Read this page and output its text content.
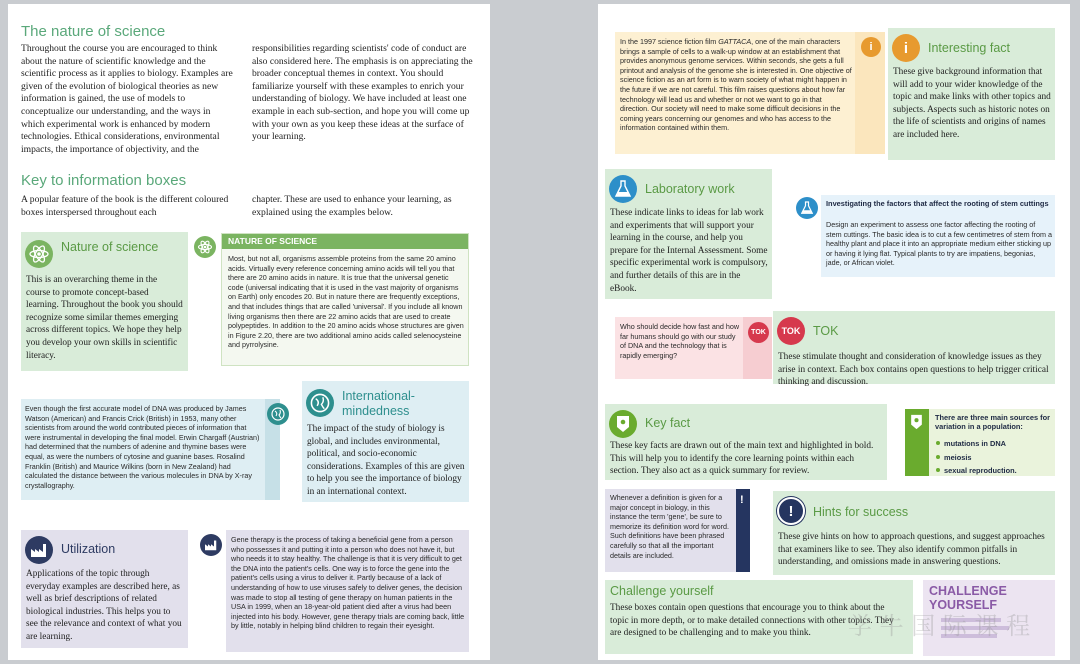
The nature of science
Throughout the course you are encouraged to think about the nature of scientific knowledge and the scientific process as it applies to biology. Examples are given of the evolution of biological theories as new information is gained, the use of models to conceptualize our understanding, and the ways in which experimental work is enhanced by modern technologies. Ethical considerations, environmental impacts, the importance of objectivity, and the
responsibilities regarding scientists' code of conduct are also considered here. The emphasis is on appreciating the broader conceptual themes in context. You should familiarize yourself with these examples to enrich your understanding of biology. We have included at least one example in each sub-section, and hope you will come up with your own as you keep these ideas at the surface of your learning.
Key to information boxes
A popular feature of the book is the different coloured boxes interspersed throughout each
chapter. These are used to enhance your learning, as explained using the examples below.
Nature of science
This is an overarching theme in the course to promote concept-based learning. Throughout the book you should recognize some similar themes emerging across different topics. We hope they help you develop your own skills in scientific literacy.
NATURE OF SCIENCE
Most, but not all, organisms assemble proteins from the same 20 amino acids. Virtually every reference concerning amino acids will tell you that there are 20 amino acids in nature. It is true that the universal genetic code (universal indicating that it is used in the vast majority of organisms on Earth) only encodes 20. But in nature there are frequently exceptions, and that includes things that are called 'universal'. If you include all known living organisms then there are 22 amino acids that are used to create polypeptides. In addition to the 20 amino acids whose structures are given in Figure 2.20, there are two additional amino acids called selenocysteine and pyrrolysine.
Even though the first accurate model of DNA was produced by James Watson (American) and Francis Crick (British) in 1953, many other scientists from around the world contributed pieces of information that were instrumental in developing the final model. Erwin Chargaff (Austrian) had determined that the numbers of adenine and thymine bases were equal, as were the numbers of cytosine and guanine bases. Rosalind Franklin (British) and Maurice Wilkins (born in New Zealand) had calculated the distance between the various molecules in DNA by X-ray crystallography.
International-mindedness
The impact of the study of biology is global, and includes environmental, political, and socio-economic considerations. Examples of this are given to help you see the importance of biology in an international context.
Utilization
Applications of the topic through everyday examples are described here, as well as brief descriptions of related biological industries. This helps you to see the relevance and context of what you are learning.
Gene therapy is the process of taking a beneficial gene from a person who possesses it and putting it into a person who does not have it, but who needs it to stay healthy. The challenge is that it is very difficult to get the DNA into the patient's cells. One way is to force the gene into the patient's cells using a virus to deliver it. Partly because of a lack of understanding of how to use viruses safely to deliver genes, the decision was made to stop all testing of gene therapy on human patients in the USA in 1999, when an 18-year-old patient died after a virus had been injected into his body. However, gene therapy trials are coming back, little by little, notably in helping blind children to regain their eyesight.
In the 1997 science fiction film GATTACA, one of the main characters brings a sample of cells to a walk-up window at an establishment that provides anonymous genome services. Within seconds, she gets a full printout and analysis of the genome she is interested in. One objective of science fiction as an art form is to warn society of what might happen in the future if we are not careful. This film raises questions about how far technology will lead us and whether or not we want to go in that direction. Our society will need to make some difficult decisions in the coming years concerning our genomes and who has access to the information contained within them.
i i Interesting fact
These give background information that will add to your wider knowledge of the topic and make links with other topics and subjects. Aspects such as historic notes on the life of scientists and origins of names are included here.
Laboratory work
These indicate links to ideas for lab work and experiments that will support your learning in the course, and help you prepare for the Internal Assessment. Some specific experimental work is compulsory, and further details of this are in the eBook.
Investigating the factors that affect the rooting of stem cuttings
Design an experiment to assess one factor affecting the rooting of stem cuttings. The basic idea is to cut a few centimetres of stem from a healthy plant and place it into an appropriate medium either sticking up or having it lying flat. Typical plants to try are impatiens, begonias, jade, or African violet.
Who should decide how fast and how far humans should go with our study of DNA and the technology that is rapidly emerging?
TOK TOK TOK
These stimulate thought and consideration of knowledge issues as they arise in context. Each box contains open questions to help trigger critical thinking and discussion.
Key fact
These key facts are drawn out of the main text and highlighted in bold. This will help you to identify the core learning points within each section. They also act as a quick summary for review.
There are three main sources for variation in a population:
mutations in DNA
meiosis
sexual reproduction.
Whenever a definition is given for a major concept in biology, in this instance the term 'gene', be sure to memorize its definition word for word. Such definitions have been phrased carefully so that all the important details are included.
!
! Hints for success
These give hints on how to approach questions, and suggest approaches that examiners like to see. They also identify common pitfalls in understanding, and omissions made in answering questions.
Challenge yourself
These boxes contain open questions that encourage you to think about the topic in more depth, or to make detailed connections with other topics. They are designed to be challenging and to make you think.
CHALLENGE YOURSELF
学 牛 国 际 课 程
